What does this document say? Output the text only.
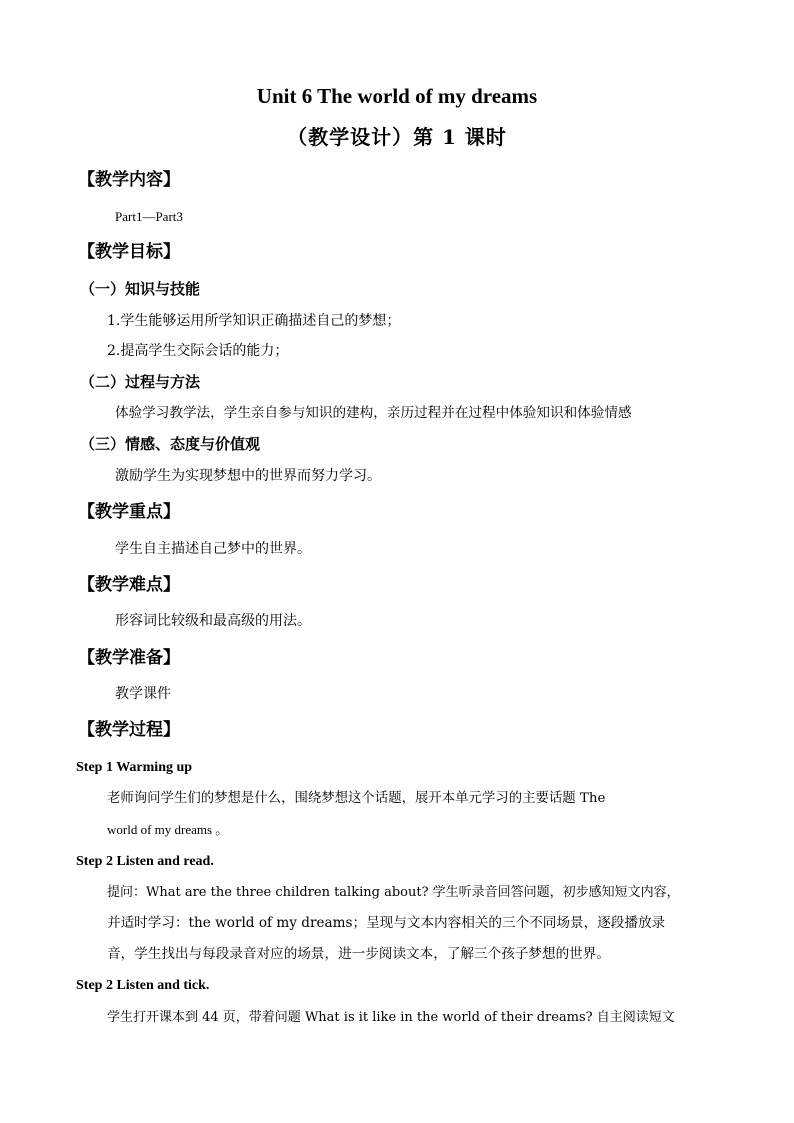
Unit 6 The world of my dreams
（教学设计）第 1 课时
【教学内容】
Part1—Part3
【教学目标】
（一）知识与技能
1.学生能够运用所学知识正确描述自己的梦想；
2.提高学生交际会话的能力；
（二）过程与方法
体验学习教学法，学生亲自参与知识的建构，亲历过程并在过程中体验知识和体验情感
（三）情感、态度与价值观
激励学生为实现梦想中的世界而努力学习。
【教学重点】
学生自主描述自己梦中的世界。
【教学难点】
形容词比较级和最高级的用法。
【教学准备】
教学课件
【教学过程】
Step 1 Warming up
老师询问学生们的梦想是什么，围绕梦想这个话题，展开本单元学习的主要话题 The
world of my dreams 。
Step 2 Listen and read.
提问：What are the three children talking about? 学生听录音回答问题，初步感知短文内容，
并适时学习：the world of my dreams；呈现与文本内容相关的三个不同场景，逐段播放录
音，学生找出与每段录音对应的场景，进一步阅读文本，了解三个孩子梦想的世界。
Step 2 Listen and tick.
学生打开课本到 44 页，带着问题 What is it like in the world of their dreams? 自主阅读短文
